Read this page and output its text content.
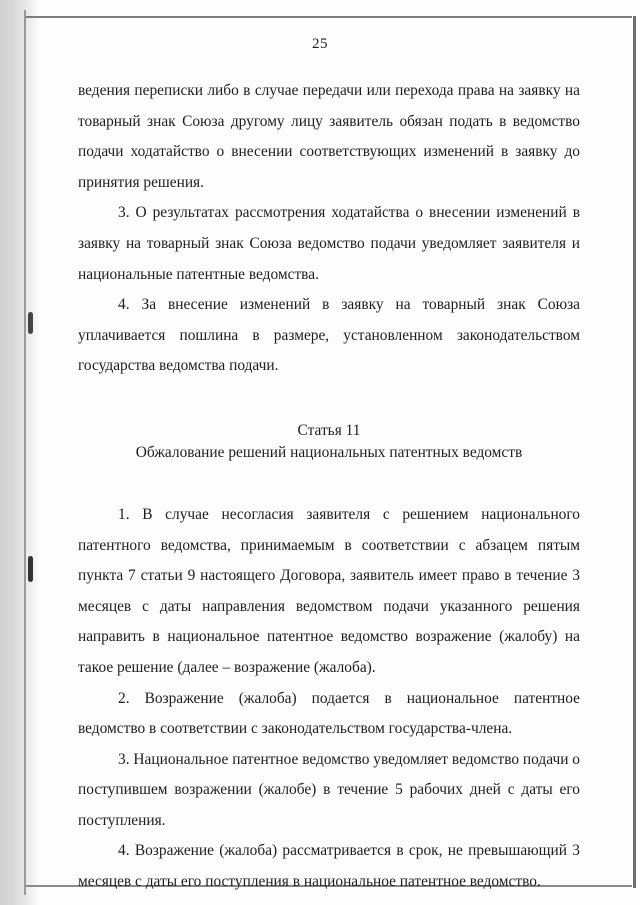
25

ведения переписки либо в случае передачи или перехода права на заявку на товарный знак Союза другому лицу заявитель обязан подать в ведомство подачи ходатайство о внесении соответствующих изменений в заявку до принятия решения.

3. О результатах рассмотрения ходатайства о внесении изменений в заявку на товарный знак Союза ведомство подачи уведомляет заявителя и национальные патентные ведомства.

4. За внесение изменений в заявку на товарный знак Союза уплачивается пошлина в размере, установленном законодательством государства ведомства подачи.

Статья 11
Обжалование решений национальных патентных ведомств

1. В случае несогласия заявителя с решением национального патентного ведомства, принимаемым в соответствии с абзацем пятым пункта 7 статьи 9 настоящего Договора, заявитель имеет право в течение 3 месяцев с даты направления ведомством подачи указанного решения направить в национальное патентное ведомство возражение (жалобу) на такое решение (далее – возражение (жалоба).

2. Возражение (жалоба) подается в национальное патентное ведомство в соответствии с законодательством государства-члена.

3. Национальное патентное ведомство уведомляет ведомство подачи о поступившем возражении (жалобе) в течение 5 рабочих дней с даты его поступления.

4. Возражение (жалоба) рассматривается в срок, не превышающий 3 месяцев с даты его поступления в национальное патентное ведомство.
